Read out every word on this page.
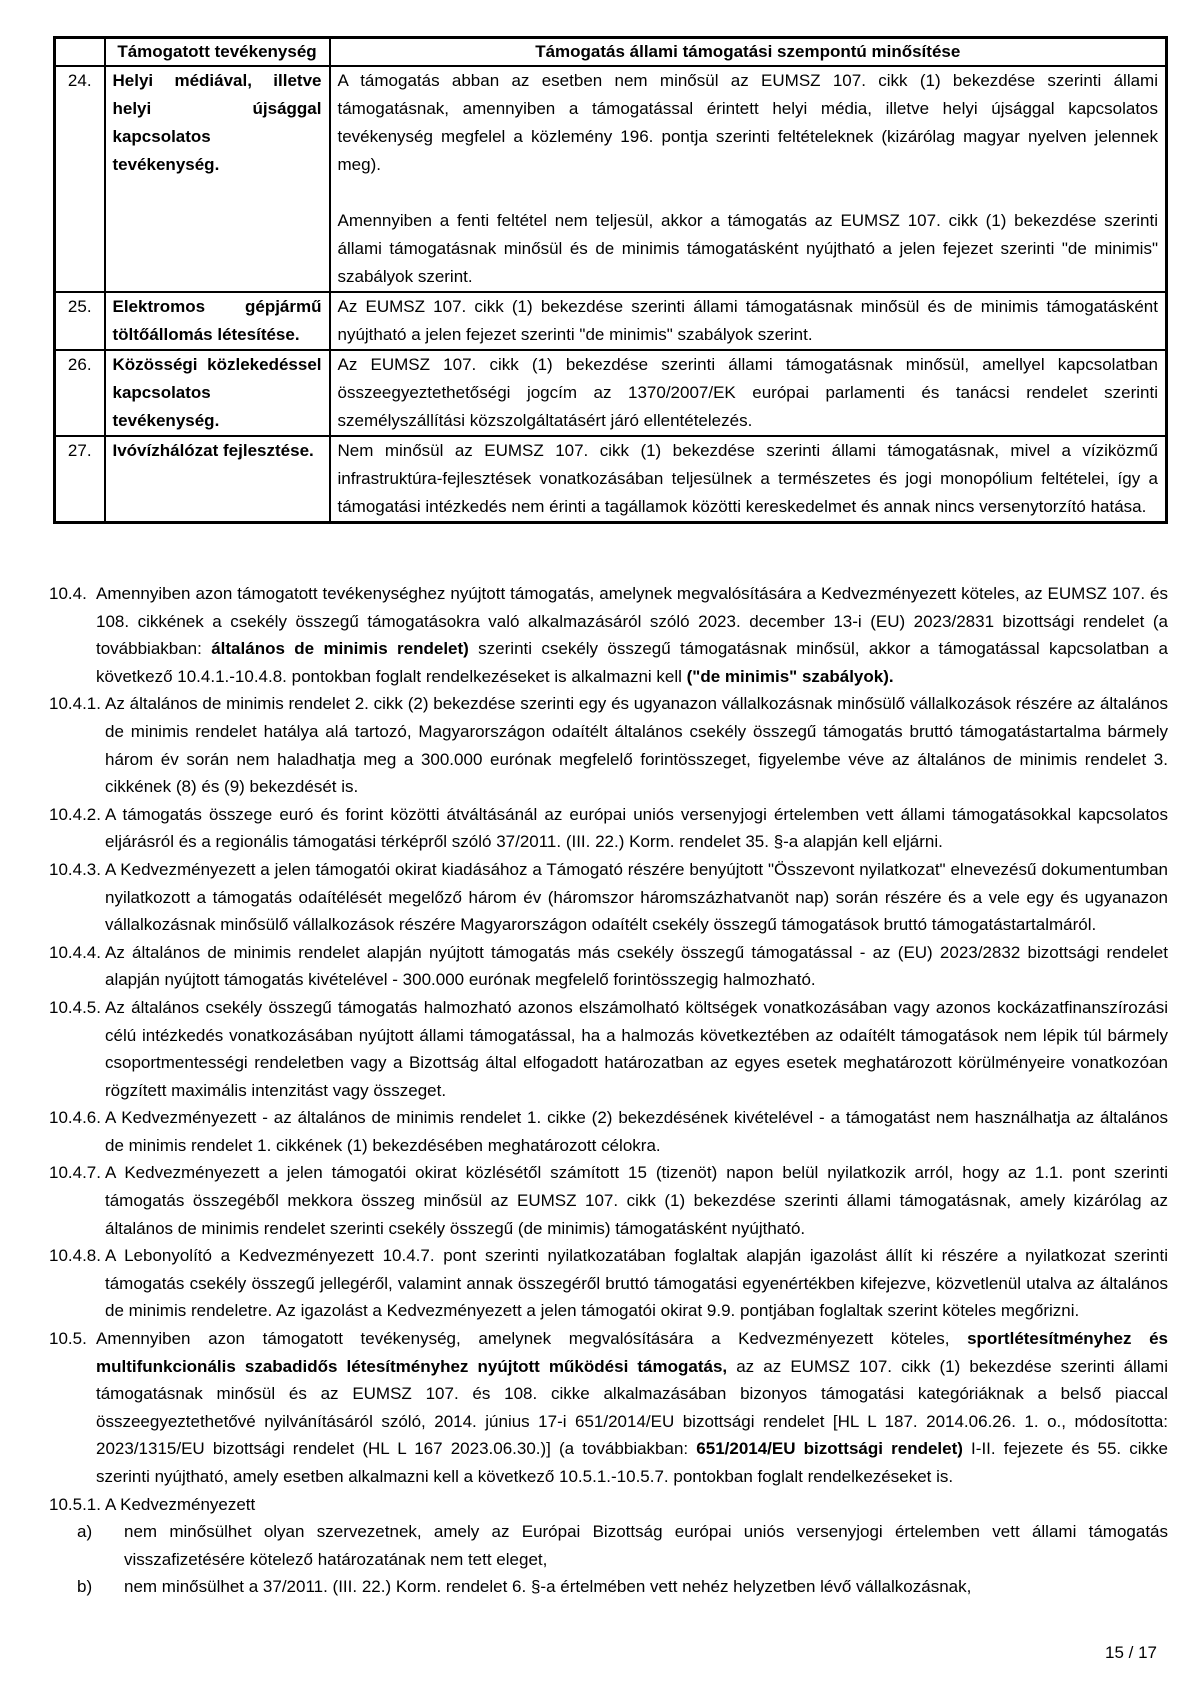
	Támogatott tevékenység	Támogatás állami támogatási szempontú minősítése
24.	Helyi médiával, illetve helyi újsággal kapcsolatos tevékenység.	A támogatás abban az esetben nem minősül az EUMSZ 107. cikk (1) bekezdése szerinti állami támogatásnak, amennyiben a támogatással érintett helyi média, illetve helyi újsággal kapcsolatos tevékenység megfelel a közlemény 196. pontja szerinti feltételeknek (kizárólag magyar nyelven jelennek meg).

Amennyiben a fenti feltétel nem teljesül, akkor a támogatás az EUMSZ 107. cikk (1) bekezdése szerinti állami támogatásnak minősül és de minimis támogatásként nyújtható a jelen fejezet szerinti "de minimis" szabályok szerint.

25.	Elektromos gépjármű töltőállomás létesítése.	Az EUMSZ 107. cikk (1) bekezdése szerinti állami támogatásnak minősül és de minimis támogatásként nyújtható a jelen fejezet szerinti "de minimis" szabályok szerint.

26.	Közösségi közlekedéssel kapcsolatos tevékenység.	Az EUMSZ 107. cikk (1) bekezdése szerinti állami támogatásnak minősül, amellyel kapcsolatban összeegyeztethetőségi jogcím az 1370/2007/EK európai parlamenti és tanácsi rendelet szerinti személyszállítási közszolgáltatásért járó ellentételezés.

27.	Ivóvízhálózat fejlesztése.	Nem minősül az EUMSZ 107. cikk (1) bekezdése szerinti állami támogatásnak, mivel a víziközmű infrastruktúra-fejlesztések vonatkozásában teljesülnek a természetes és jogi monopólium feltételei, így a támogatási intézkedés nem érinti a tagállamok közötti kereskedelmet és annak nincs versenytorzító hatása.

10.4. Amennyiben azon támogatott tevékenységhez nyújtott támogatás, amelynek megvalósítására a Kedvezményezett köteles, az EUMSZ 107. és 108. cikkének a csekély összegű támogatásokra való alkalmazásáról szóló 2023. december 13-i (EU) 2023/2831 bizottsági rendelet (a továbbiakban: általános de minimis rendelet) szerinti csekély összegű támogatásnak minősül, akkor a támogatással kapcsolatban a következő 10.4.1.-10.4.8. pontokban foglalt rendelkezéseket is alkalmazni kell ("de minimis" szabályok).
10.4.1. Az általános de minimis rendelet 2. cikk (2) bekezdése szerinti egy és ugyanazon vállalkozásnak minősülő vállalkozások részére az általános de minimis rendelet hatálya alá tartozó, Magyarországon odaítélt általános csekély összegű támogatás bruttó támogatástartalma bármely három év során nem haladhatja meg a 300.000 eurónak megfelelő forintösszeget, figyelembe véve az általános de minimis rendelet 3. cikkének (8) és (9) bekezdését is.
10.4.2. A támogatás összege euró és forint közötti átváltásánál az európai uniós versenyjogi értelemben vett állami támogatásokkal kapcsolatos eljárásról és a regionális támogatási térképről szóló 37/2011. (III. 22.) Korm. rendelet 35. §-a alapján kell eljárni.
10.4.3. A Kedvezményezett a jelen támogatói okirat kiadásához a Támogató részére benyújtott "Összevont nyilatkozat" elnevezésű dokumentumban nyilatkozott a támogatás odaítélését megelőző három év (háromszor háromszázhatvanöt nap) során részére és a vele egy és ugyanazon vállalkozásnak minősülő vállalkozások részére Magyarországon odaítélt csekély összegű támogatások bruttó támogatástartalmáról.
10.4.4. Az általános de minimis rendelet alapján nyújtott támogatás más csekély összegű támogatással - az (EU) 2023/2832 bizottsági rendelet alapján nyújtott támogatás kivételével - 300.000 eurónak megfelelő forintösszegig halmozható.
10.4.5. Az általános csekély összegű támogatás halmozható azonos elszámolható költségek vonatkozásában vagy azonos kockázatfinanszírozási célú intézkedés vonatkozásában nyújtott állami támogatással, ha a halmozás következtében az odaítélt támogatások nem lépik túl bármely csoportmentességi rendeletben vagy a Bizottság által elfogadott határozatban az egyes esetek meghatározott körülményeire vonatkozóan rögzített maximális intenzitást vagy összeget.
10.4.6. A Kedvezményezett - az általános de minimis rendelet 1. cikke (2) bekezdésének kivételével - a támogatást nem használhatja az általános de minimis rendelet 1. cikkének (1) bekezdésében meghatározott célokra.
10.4.7. A Kedvezményezett a jelen támogatói okirat közlésétől számított 15 (tizenöt) napon belül nyilatkozik arról, hogy az 1.1. pont szerinti támogatás összegéből mekkora összeg minősül az EUMSZ 107. cikk (1) bekezdése szerinti állami támogatásnak, amely kizárólag az általános de minimis rendelet szerinti csekély összegű (de minimis) támogatásként nyújtható.
10.4.8. A Lebonyolító a Kedvezményezett 10.4.7. pont szerinti nyilatkozatában foglaltak alapján igazolást állít ki részére a nyilatkozat szerinti támogatás csekély összegű jellegéről, valamint annak összegéről bruttó támogatási egyenértékben kifejezve, közvetlenül utalva az általános de minimis rendeletre. Az igazolást a Kedvezményezett a jelen támogatói okirat 9.9. pontjában foglaltak szerint köteles megőrizni.
10.5. Amennyiben azon támogatott tevékenység, amelynek megvalósítására a Kedvezményezett köteles, sportlétesítményhez és multifunkcionális szabadidős létesítményhez nyújtott működési támogatás, az az EUMSZ 107. cikk (1) bekezdése szerinti állami támogatásnak minősül és az EUMSZ 107. és 108. cikke alkalmazásában bizonyos támogatási kategóriáknak a belső piaccal összeegyeztethetővé nyilvánításáról szóló, 2014. június 17-i 651/2014/EU bizottsági rendelet [HL L 187. 2014.06.26. 1. o., módosította: 2023/1315/EU bizottsági rendelet (HL L 167 2023.06.30.)] (a továbbiakban: 651/2014/EU bizottsági rendelet) I-II. fejezete és 55. cikke szerinti nyújtható, amely esetben alkalmazni kell a következő 10.5.1.-10.5.7. pontokban foglalt rendelkezéseket is.
10.5.1. A Kedvezményezett
a) nem minősülhet olyan szervezetnek, amely az Európai Bizottság európai uniós versenyjogi értelemben vett állami támogatás visszafizetésére kötelező határozatának nem tett eleget,
b) nem minősülhet a 37/2011. (III. 22.) Korm. rendelet 6. §-a értelmében vett nehéz helyzetben lévő vállalkozásnak,
15 / 17
